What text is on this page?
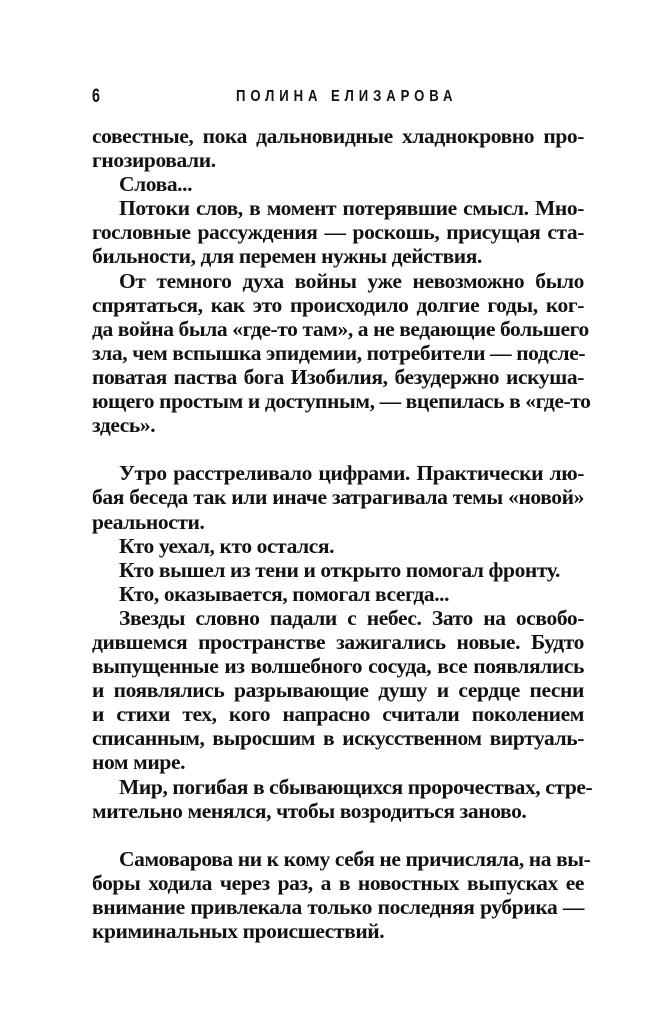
6	ПОЛИНА ЕЛИЗАРОВА
совестные, пока дальновидные хладнокровно про-
гнозировали.
Слова...
Потоки слов, в момент потерявшие смысл. Мно-
гословные рассуждения — роскошь, присущая ста-
бильности, для перемен нужны действия.
От темного духа войны уже невозможно было
спрятаться, как это происходило долгие годы, ког-
да война была «где-то там», а не ведающие большего
зла, чем вспышка эпидемии, потребители — подсле-
поватая паства бога Изобилия, безудержно искуша-
ющего простым и доступным, — вцепилась в «где-то
здесь».
Утро расстреливало цифрами. Практически лю-
бая беседа так или иначе затрагивала темы «новой»
реальности.
Кто уехал, кто остался.
Кто вышел из тени и открыто помогал фронту.
Кто, оказывается, помогал всегда...
Звезды словно падали с небес. Зато на освобо-
дившемся пространстве зажигались новые. Будто
выпущенные из волшебного сосуда, все появлялись
и появлялись разрывающие душу и сердце песни
и стихи тех, кого напрасно считали поколением
списанным, выросшим в искусственном виртуаль-
ном мире.
Мир, погибая в сбывающихся пророчествах, стре-
мительно менялся, чтобы возродиться заново.
Самоварова ни к кому себя не причисляла, на вы-
боры ходила через раз, а в новостных выпусках ее
внимание привлекала только последняя рубрика —
криминальных происшествий.
